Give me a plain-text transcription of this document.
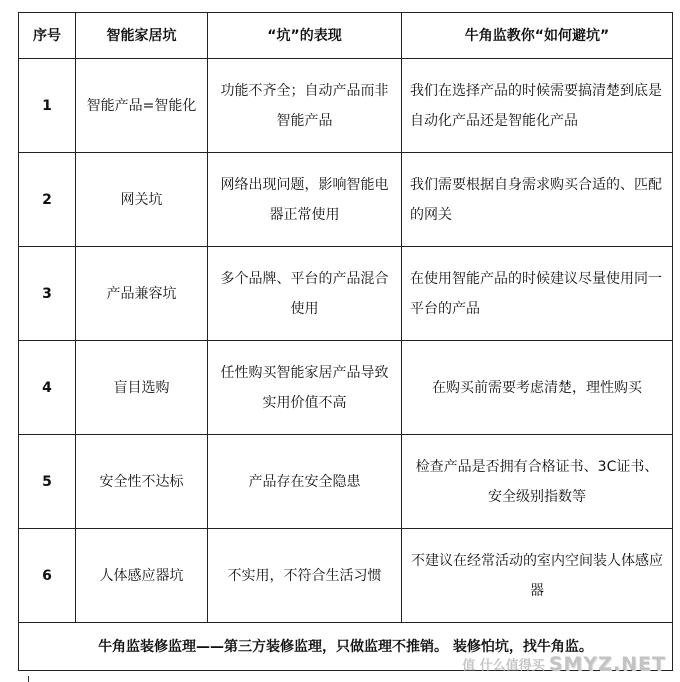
序号	智能家居坑	“坑”的表现	牛角监教你“如何避坑”
1	智能产品=智能化	功能不齐全；自动产品而非智能产品	我们在选择产品的时候需要搞清楚到底是自动化产品还是智能化产品
2	网关坑	网络出现问题，影响智能电器正常使用	我们需要根据自身需求购买合适的、匹配的网关
3	产品兼容坑	多个品牌、平台的产品混合使用	在使用智能产品的时候建议尽量使用同一平台的产品
4	盲目选购	任性购买智能家居产品导致实用价值不高	在购买前需要考虑清楚，理性购买
5	安全性不达标	产品存在安全隐患	检查产品是否拥有合格证书、3C证书、安全级别指数等
6	人体感应器坑	不实用，不符合生活习惯	不建议在经常活动的室内空间装人体感应器
牛角监装修监理——第三方装修监理，只做监理不推销。 装修怕坑，找牛角监。			
值 什么值得买 SMYZ.NET
